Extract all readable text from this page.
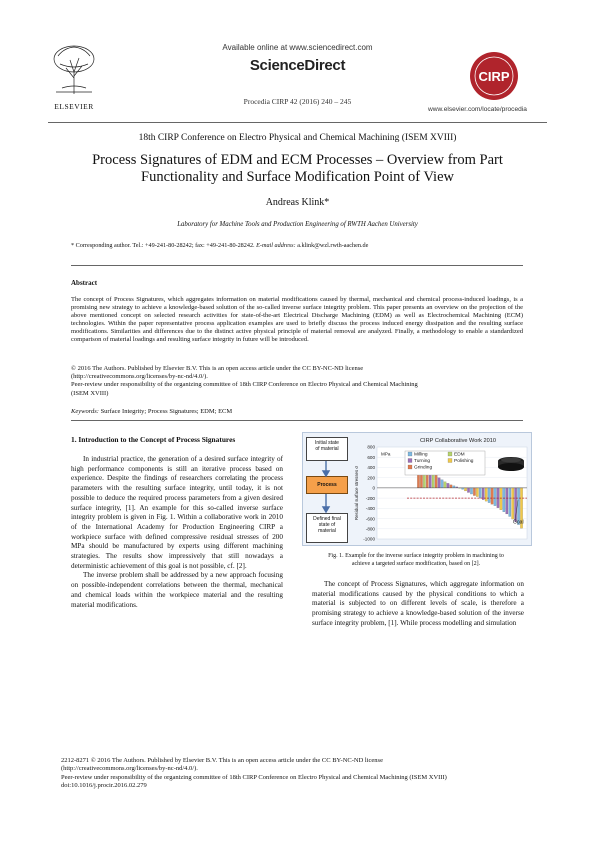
ELSEVIER
Available online at www.sciencedirect.com
ScienceDirect
Procedia CIRP 42 (2016) 240 – 245
CIRP
www.elsevier.com/locate/procedia
18th CIRP Conference on Electro Physical and Chemical Machining (ISEM XVIII)
Process Signatures of EDM and ECM Processes – Overview from Part
Functionality and Surface Modification Point of View
Andreas Klink*
Laboratory for Machine Tools and Production Engineering of RWTH Aachen University
* Corresponding author. Tel.: +49-241-80-28242; fax: +49-241-80-28242. E-mail address: a.klink@wzl.rwth-aachen.de
Abstract
The concept of Process Signatures, which aggregates information on material modifications caused by thermal, mechanical and chemical process-induced loadings, is a promising new strategy to achieve a knowledge-based solution of the so-called inverse surface integrity problem. This paper presents an overview on the projection of the above mentioned concept on selected research activities for state-of-the-art Electrical Discharge Machining (EDM) as well as Electrochemical Machining (ECM) technologies. Within the paper representative process application examples are used to briefly discuss the process induced energy dissipation and the resulting surface modifications. Similarities and differences due to the distinct active physical principle of material removal are analyzed. Finally, a methodology to enable a standardized comparison of material loadings and resulting surface integrity in future will be introduced.
© 2016 The Authors. Published by Elsevier B.V. This is an open access article under the CC BY-NC-ND license
(http://creativecommons.org/licenses/by-nc-nd/4.0/).
Peer-review under responsibility of the organizing committee of 18th CIRP Conference on Electro Physical and Chemical Machining
(ISEM XVIII)
Keywords: Surface Integrity; Process Signatures; EDM; ECM
1. Introduction to the Concept of Process Signatures
In industrial practice, the generation of a desired surface integrity of high performance components is still an iterative process based on experience. Despite the findings of researchers correlating the process parameters with the resulting surface integrity, until today, it is not possible to deduce the required process parameters from a given desired surface integrity, [1]. An example for this so-called inverse surface integrity problem is given in Fig. 1. Within a collaborative work in 2010 of the International Academy for Production Engineering CIRP a workpiece surface with defined compressive residual stresses of 200 MPa should be manufactured by experts using different machining strategies. The results show impressively that still nowadays a deterministic achievement of this goal is not possible, cf. [2].
The inverse problem shall be addressed by a new approach focusing on possible-independent correlations between the thermal, mechanical and chemical loads within the workpiece material and the resulting material modifications.
Initial state
of material
Process
Defined final
state of
material
CIRP Collaborative Work 2010
800
600
400
200
0
-200
-400
-600
-800
-1000
MPa
Residual surface stresses σ
Goal
Milling
Turning
Grinding
EDM
Polishing
Fig. 1. Example for the inverse surface integrity problem in machining to
achieve a targeted surface modification, based on [2].
The concept of Process Signatures, which aggregate information on material modifications caused by the physical conditions to which a material is subjected to on different levels of scale, is therefore a promising strategy to achieve a knowledge-based solution of the inverse surface integrity problem, [1]. While process modelling and simulation
2212-8271 © 2016 The Authors. Published by Elsevier B.V. This is an open access article under the CC BY-NC-ND license
(http://creativecommons.org/licenses/by-nc-nd/4.0/).
Peer-review under responsibility of the organizing committee of 18th CIRP Conference on Electro Physical and Chemical Machining (ISEM XVIII)
doi:10.1016/j.procir.2016.02.279
